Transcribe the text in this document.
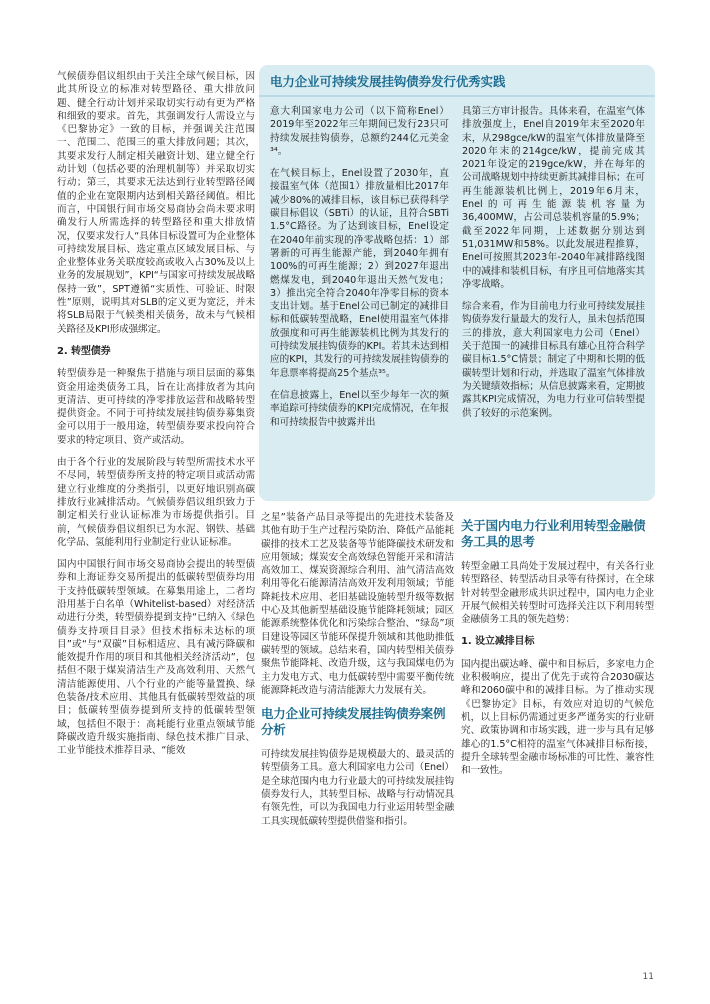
气候债券倡议组织由于关注全球气候目标，因此其所设立的标准对转型路径、重大排放问题、健全行动计划并采取切实行动有更为严格和细致的要求。首先，其强调发行人需设立与《巴黎协定》一致的目标，并强调关注范围一、范围二、范围三的重大排放问题；其次，其要求发行人制定相关融资计划、建立健全行动计划（包括必要的治理机制等）并采取切实行动；第三，其要求无法达到行业转型路径阈值的企业在宽限期内达到相关路径阈值。相比而言，中国银行间市场交易商协会尚未要求明确发行人所需选择的转型路径和重大排放情况，仅要求发行人“具体目标设置可为企业整体可持续发展目标、选定重点区域发展目标、与企业整体业务关联度较高或收入占30%及以上业务的发展规划”，KPI“与国家可持续发展战略保持一致”，SPT遵循“实质性、可验证、时限性”原则，说明其对SLB的定义更为宽泛，并未将SLB局限于气候类相关债务，故未与气候相关路径及KPI形成强绑定。

2. 转型债券

转型债券是一种聚焦于措施与项目层面的募集资金用途类债务工具，旨在让高排放者为其向更清洁、更可持续的净零排放运营和战略转型提供资金。不同于可持续发展挂钩债券募集资金可以用于一般用途，转型债券要求投向符合要求的特定项目、资产或活动。

由于各个行业的发展阶段与转型所需技术水平不尽同，转型债券所支持的特定项目或活动需建立行业维度的分类指引，以更好地识别高碳排放行业减排活动。气候债券倡议组织致力于制定相关行业认证标准为市场提供指引。目前，气候债券倡议组织已为水泥、钢铁、基础化学品、氢能利用行业制定行业认证标准。

国内中国银行间市场交易商协会提出的转型债券和上海证券交易所提出的低碳转型债券均用于支持低碳转型领域。在募集用途上，二者均沿用基于白名单（Whitelist-based）对经济活动进行分类，转型债券提到支持“已纳入《绿色债券支持项目目录》但技术指标未达标的项目”或“与“双碳”目标相适应、具有减污降碳和能效提升作用的项目和其他相关经济活动”，包括但不限于煤炭清洁生产及高效利用、天然气清洁能源使用、八个行业的产能等量置换、绿色装备/技术应用、其他具有低碳转型效益的项目；低碳转型债券提到所支持的低碳转型领域，包括但不限于：高耗能行业重点领域节能降碳改造升级实施指南、绿色技术推广目录、工业节能技术推荐目录、“能效

电力企业可持续发展挂钩债券发行优秀实践

意大利国家电力公司（以下简称Enel）2019年至2022年三年期间已发行23只可持续发展挂钩债券，总额约244亿元美金³⁴。

在气候目标上，Enel设置了2030年，直接温室气体（范围1）排放量相比2017年减少80%的减排目标，该目标已获得科学碳目标倡议（SBTi）的认证，且符合SBTi 1.5°C路径。为了达到该目标，Enel设定在2040年前实现的净零战略包括：1）部署新的可再生能源产能，到2040年拥有100%的可再生能源；2）到2027年退出燃煤发电，到2040年退出天然气发电；3）推出完全符合2040年净零目标的资本支出计划。基于Enel公司已制定的减排目标和低碳转型战略，Enel使用温室气体排放强度和可再生能源装机比例为其发行的可持续发展挂钩债券的KPI。若其未达到相应的KPI，其发行的可持续发展挂钩债券的年息票率将提高25个基点³⁵。

在信息披露上，Enel以至少每年一次的频率追踪可持续债券的KPI完成情况，在年报和可持续报告中披露并出

具第三方审计报告。具体来看，在温室气体排放强度上，Enel自2019年末至2020年末，从298gce/kW的温室气体排放量降至2020年末的214gce/kW，提前完成其2021年设定的219gce/kW，并在每年的公司战略规划中持续更新其减排目标；在可再生能源装机比例上，2019年6月末，Enel的可再生能源装机容量为36,400MW，占公司总装机容量的5.9%；截至2022年同期，上述数据分别达到51,031MW和58%。以此发展进程推算，Enel可按照其2023年-2040年减排路线图中的减排和装机目标，有序且可信地落实其净零战略。

综合来看，作为目前电力行业可持续发展挂钩债券发行量最大的发行人，虽未包括范围三的排放，意大利国家电力公司（Enel）关于范围一的减排目标具有雄心且符合科学碳目标1.5°C情景；制定了中期和长期的低碳转型计划和行动，并选取了温室气体排放为关键绩效指标；从信息披露来看，定期披露其KPI完成情况，为电力行业可信转型提供了较好的示范案例。

之星”装备产品目录等提出的先进技术装备及其他有助于生产过程污染防治、降低产品能耗碳排的技术工艺及装备等节能降碳技术研发和应用领域；煤炭安全高效绿色智能开采和清洁高效加工、煤炭资源综合利用、油气清洁高效利用等化石能源清洁高效开发利用领域；节能降耗技术应用、老旧基础设施转型升级等数据中心及其他新型基础设施节能降耗领域；园区能源系统整体优化和污染综合整治、“绿岛”项目建设等园区节能环保提升领域和其他助推低碳转型的领域。总结来看，国内转型相关债券聚焦节能降耗、改造升级，这与我国煤电仍为主力发电方式、电力低碳转型中需要平衡传统能源降耗改造与清洁能源大力发展有关。

电力企业可持续发展挂钩债券案例分析

可持续发展挂钩债券是规模最大的、最灵活的转型债务工具。意大利国家电力公司（Enel）是全球范围内电力行业最大的可持续发展挂钩债券发行人，其转型目标、战略与行动情况具有领先性，可以为我国电力行业运用转型金融工具实现低碳转型提供借鉴和指引。

关于国内电力行业利用转型金融债务工具的思考

转型金融工具尚处于发展过程中，有关各行业转型路径、转型活动目录等有待探讨，在全球针对转型金融形成共识过程中，国内电力企业开展气候相关转型时可选择关注以下利用转型金融债务工具的领先趋势：

1. 设立减排目标

国内提出碳达峰、碳中和目标后，多家电力企业积极响应，提出了优先于或符合2030碳达峰和2060碳中和的减排目标。为了推动实现《巴黎协定》目标，有效应对迫切的气候危机，以上目标仍需通过更多严谨务实的行业研究、政策协调和市场实践，进一步与具有足够雄心的1.5°C相符的温室气体减排目标衔接，提升全球转型金融市场标准的可比性、兼容性和一致性。

11
